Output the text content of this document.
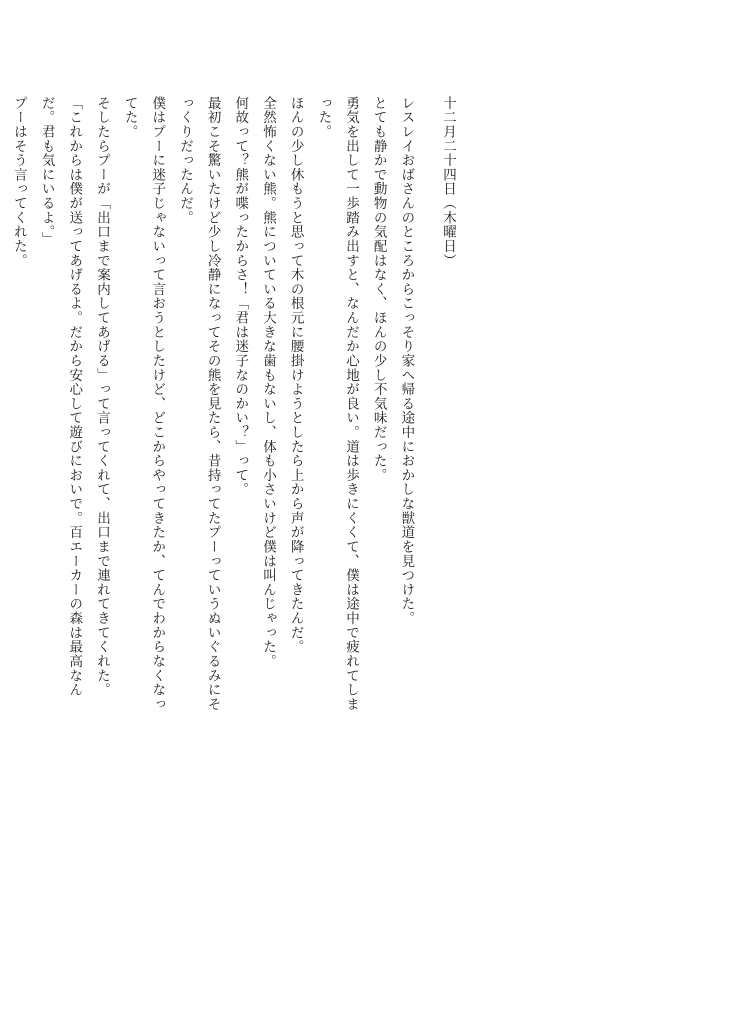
十二月二十四日（木曜日）

レスレイおばさんのところからこっそり家へ帰る途中におかしな獣道を見つけた。

とても静かで動物の気配はなく、ほんの少し不気味だった。

勇気を出して一歩踏み出すと、なんだか心地が良い。道は歩きにくくて、僕は途中で疲れてしまった。

ほんの少し休もうと思って木の根元に腰掛けようとしたら上から声が降ってきたんだ。

全然怖くない熊。熊についている大きな歯もないし、体も小さいけど僕は叫んじゃった。

何故って？熊が喋ったからさ！「君は迷子なのかい？」って。

最初こそ驚いたけど少し冷静になってその熊を見たら、昔持ってたプーっていうぬいぐるみにそっくりだったんだ。

僕はプーに迷子じゃないって言おうとしたけど、どこからやってきたか、てんでわからなくなってた。

そしたらプーが「出口まで案内してあげる」って言ってくれて、出口まで連れてきてくれた。

「これからは僕が送ってあげるよ。だから安心して遊びにおいで。百エーカーの森は最高なんだ。君も気にいるよ。」

プーはそう言ってくれた。
